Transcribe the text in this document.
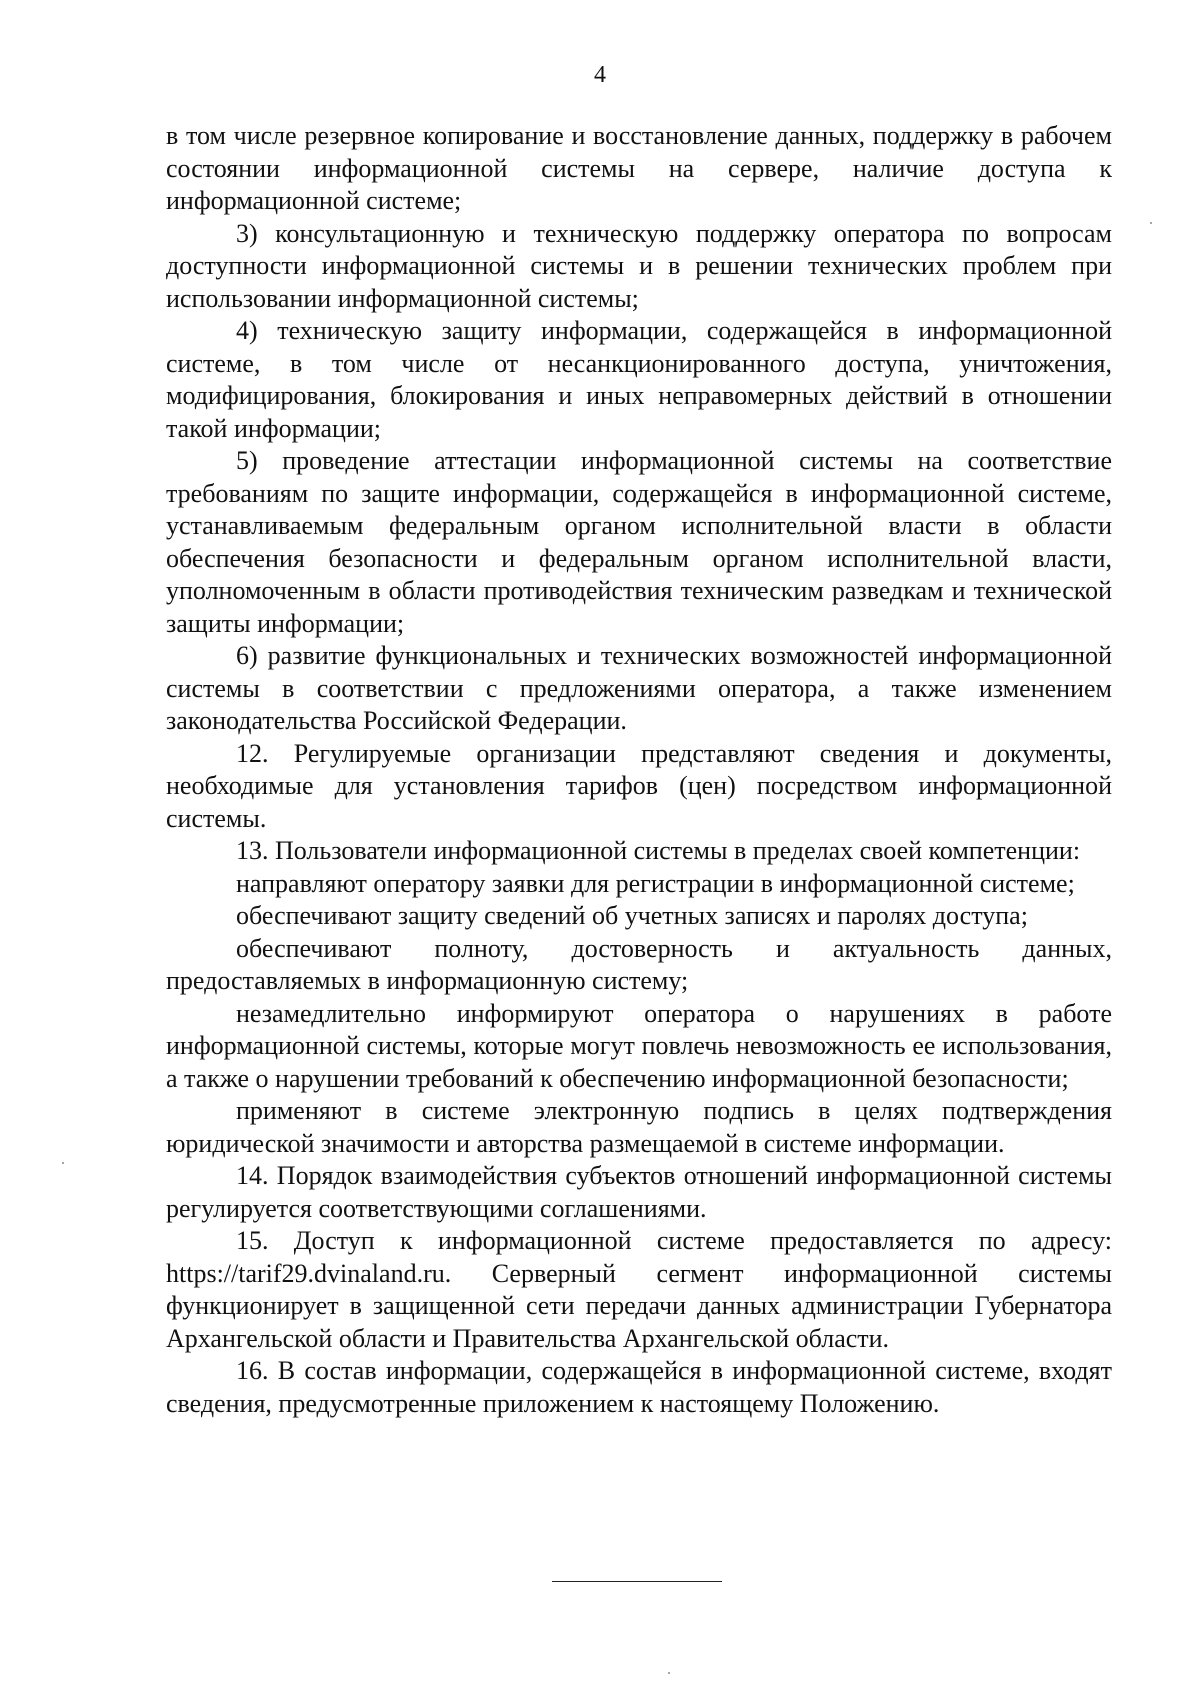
4

в том числе резервное копирование и восстановление данных, поддержку в рабочем состоянии информационной системы на сервере, наличие доступа к информационной системе;

3) консультационную и техническую поддержку оператора по вопросам доступности информационной системы и в решении технических проблем при использовании информационной системы;

4) техническую защиту информации, содержащейся в информационной системе, в том числе от несанкционированного доступа, уничтожения, модифицирования, блокирования и иных неправомерных действий в отношении такой информации;

5) проведение аттестации информационной системы на соответствие требованиям по защите информации, содержащейся в информационной системе, устанавливаемым федеральным органом исполнительной власти в области обеспечения безопасности и федеральным органом исполнительной власти, уполномоченным в области противодействия техническим разведкам и технической защиты информации;

6) развитие функциональных и технических возможностей информационной системы в соответствии с предложениями оператора, а также изменением законодательства Российской Федерации.

12. Регулируемые организации представляют сведения и документы, необходимые для установления тарифов (цен) посредством информационной системы.

13. Пользователи информационной системы в пределах своей компетенции:

направляют оператору заявки для регистрации в информационной системе;

обеспечивают защиту сведений об учетных записях и паролях доступа;

обеспечивают полноту, достоверность и актуальность данных, предоставляемых в информационную систему;

незамедлительно информируют оператора о нарушениях в работе информационной системы, которые могут повлечь невозможность ее использования, а также о нарушении требований к обеспечению информационной безопасности;

применяют в системе электронную подпись в целях подтверждения юридической значимости и авторства размещаемой в системе информации.

14. Порядок взаимодействия субъектов отношений информационной системы регулируется соответствующими соглашениями.

15. Доступ к информационной системе предоставляется по адресу: https://tarif29.dvinaland.ru. Серверный сегмент информационной системы функционирует в защищенной сети передачи данных администрации Губернатора Архангельской области и Правительства Архангельской области.

16. В состав информации, содержащейся в информационной системе, входят сведения, предусмотренные приложением к настоящему Положению.
